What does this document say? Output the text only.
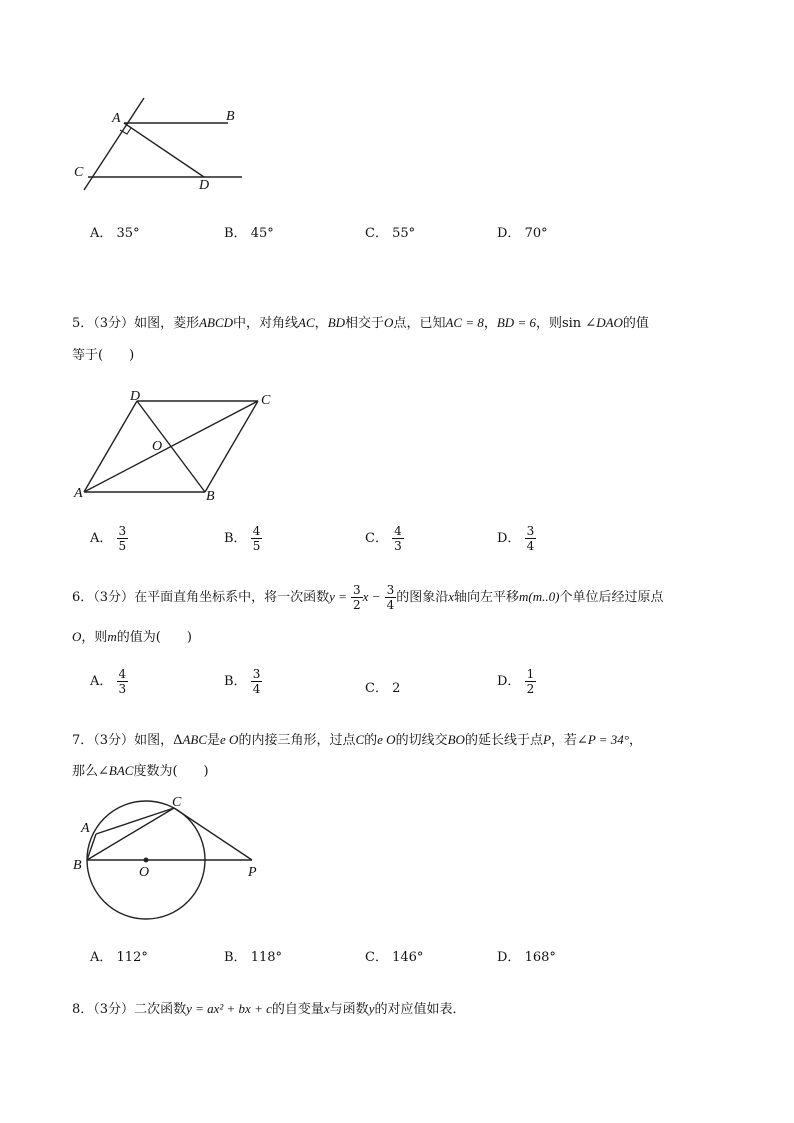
A	B
C
D
A． 35°	B． 45°	C． 55°	D． 70°
5．（3分）如图，菱形ABCD中，对角线AC，BD相交于O点，已知AC = 8，BD = 6，则sin ∠DAO的值
等于(　　)
D	C
O
A	B
A． $\frac{3}{5}$	B． $\frac{4}{5}$	C． $\frac{4}{3}$	D． $\frac{3}{4}$
6．（3分）在平面直角坐标系中，将一次函数$y = \frac{3}{2}$ $x - \frac{3}{4}$ 的图象沿x轴向左平移m(m..0)个单位后经过原点
O，则m的值为(　　)
A． $\frac{4}{3}$	B． $\frac{3}{4}$	C． 2	D． $\frac{1}{2}$
7．（3分）如图，ΔABC是e O的内接三角形，过点C的e O的切线交BO的延长线于点P，若∠P = 34°，
那么∠BAC度数为(　　)
C
A
B	O	P
A． 112°	B． 118°	C． 146°	D． 168°
8．（3分）二次函数y = ax² + bx + c的自变量x与函数y的对应值如表．
